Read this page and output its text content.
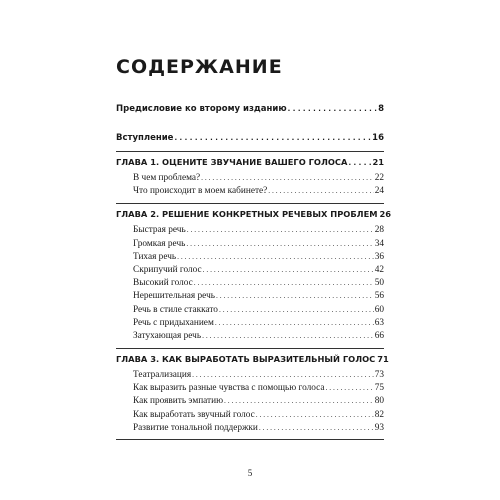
СОДЕРЖАНИЕ
Предисловие ко второму изданию . . .	8
Вступление . . .	16
ГЛАВА 1. ОЦЕНИТЕ ЗВУЧАНИЕ ВАШЕГО ГОЛОСА . . .	21
В чем проблема? . . .	22
Что происходит в моем кабинете? . . .	24
ГЛАВА 2. РЕШЕНИЕ КОНКРЕТНЫХ РЕЧЕВЫХ ПРОБЛЕМ 26
Быстрая речь . . .	28
Громкая речь . . .	34
Тихая речь . . .	36
Скрипучий голос . . .	42
Высокий голос . . .	50
Нерешительная речь . . .	56
Речь в стиле стаккато . . .	60
Речь с придыханием . . .	63
Затухающая речь . . .	66
ГЛАВА 3. КАК ВЫРАБОТАТЬ ВЫРАЗИТЕЛЬНЫЙ ГОЛОС 71
Театрализация . . .	73
Как выразить разные чувства с помощью голоса . . .	75
Как проявить эмпатию . . .	80
Как выработать звучный голос . . .	82
Развитие тональной поддержки . . .	93
5
